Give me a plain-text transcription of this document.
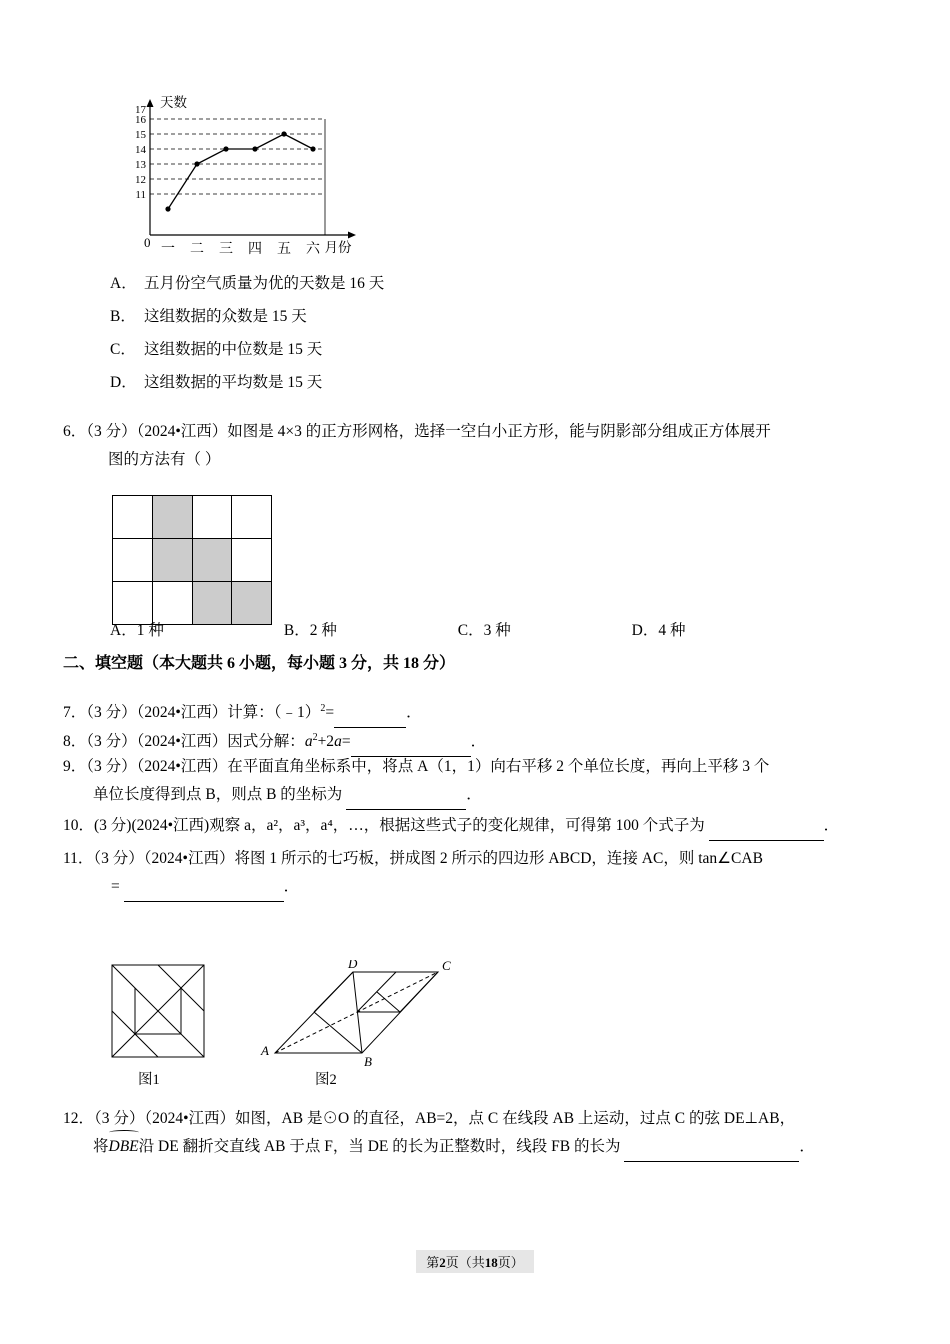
17
16
15
14
13
12
11
0 一 二 三 四 五 六 月份
天数
A． 五月份空气质量为优的天数是 16 天
B． 这组数据的众数是 15 天
C． 这组数据的中位数是 15 天
D． 这组数据的平均数是 15 天
6．（3 分）（2024•江西）如图是 4×3 的正方形网格，选择一空白小正方形，能与阴影部分组成正方体展开
图的方法有（ ）

A．1 种	B．2 种	C．3 种	D．4 种
二、填空题（本大题共 6 小题，每小题 3 分，共 18 分）
7．（3 分）（2024•江西）计算：（﹣1）$^2$=	．
8．（3 分）（2024•江西）因式分解：$a^2+2a=$	．
9．（3 分）（2024•江西）在平面直角坐标系中，将点 A（1，1）向右平移 2 个单位长度，再向上平移 3 个
单位长度得到点 B，则点 B 的坐标为	．
10．(3 分)(2024•江西)观察 a，a²，a³，a⁴，…，根据这些式子的变化规律，可得第 100 个式子为	．
11．（3 分）（2024•江西）将图 1 所示的七巧板，拼成图 2 所示的四边形 ABCD，连接 AC，则 tan∠CAB
=	．
D	C
A
B
图1	图2
12．（3 分）（2024•江西）如图，AB 是⊙O 的直径，AB=2，点 C 在线段 AB 上运动，过点 C 的弦 DE⊥AB，
将DBE沿 DE 翻折交直线 AB 于点 F，当 DE 的长为正整数时，线段 FB 的长为	．
第2页（共18页）
